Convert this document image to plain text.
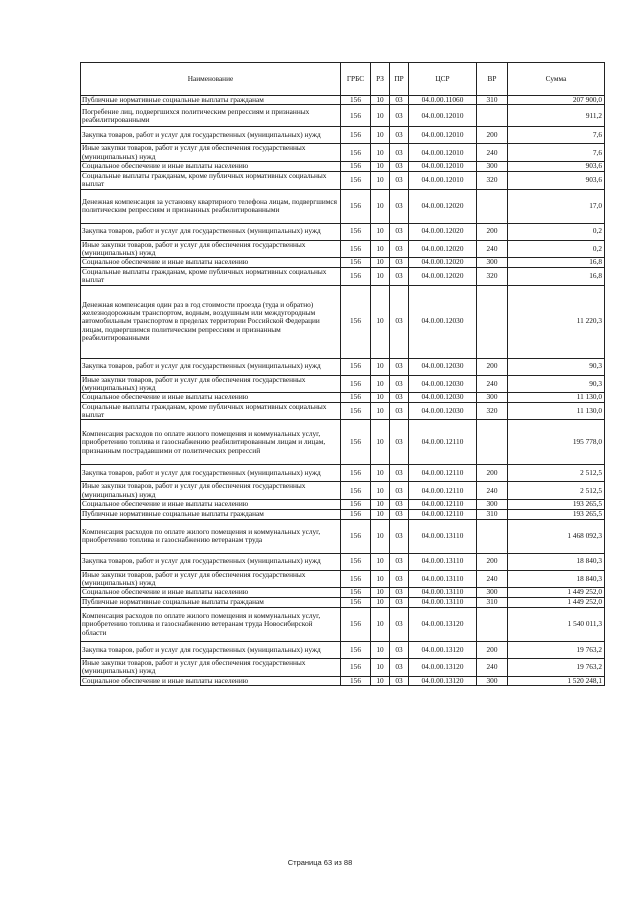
Наименование	ГРБС	РЗ	ПР	ЦСР	ВР	Сумма
Публичные нормативные социальные выплаты гражданам	156	10	03	04.0.00.11060	310	207 900,0
Погребение лиц, подвергшихся политическим репрессиям и признанных реабилитированными	156	10	03	04.0.00.12010		911,2
Закупка товаров, работ и услуг для государственных (муниципальных) нужд	156	10	03	04.0.00.12010	200	7,6
Иные закупки товаров, работ и услуг для обеспечения государственных (муниципальных) нужд	156	10	03	04.0.00.12010	240	7,6
Социальное обеспечение и иные выплаты населению	156	10	03	04.0.00.12010	300	903,6
Социальные выплаты гражданам, кроме публичных нормативных социальных выплат	156	10	03	04.0.00.12010	320	903,6
Денежная компенсация за установку квартирного телефона лицам, подвергшимся политическим репрессиям и признанных реабилитированными	156	10	03	04.0.00.12020		17,0
Закупка товаров, работ и услуг для государственных (муниципальных) нужд	156	10	03	04.0.00.12020	200	0,2
Иные закупки товаров, работ и услуг для обеспечения государственных (муниципальных) нужд	156	10	03	04.0.00.12020	240	0,2
Социальное обеспечение и иные выплаты населению	156	10	03	04.0.00.12020	300	16,8
Социальные выплаты гражданам, кроме публичных нормативных социальных выплат	156	10	03	04.0.00.12020	320	16,8
Денежная компенсация один раз в год стоимости проезда (туда и обратно) железнодорожным транспортом, водным, воздушным или междугородным автомобильным транспортом в пределах территории Российской Федерации лицам, подвергшимся политическим репрессиям и признанным реабилитированными	156	10	03	04.0.00.12030		11 220,3
Закупка товаров, работ и услуг для государственных (муниципальных) нужд	156	10	03	04.0.00.12030	200	90,3
Иные закупки товаров, работ и услуг для обеспечения государственных (муниципальных) нужд	156	10	03	04.0.00.12030	240	90,3
Социальное обеспечение и иные выплаты населению	156	10	03	04.0.00.12030	300	11 130,0
Социальные выплаты гражданам, кроме публичных нормативных социальных выплат	156	10	03	04.0.00.12030	320	11 130,0
Компенсация расходов по оплате жилого помещения и коммунальных услуг, приобретению топлива и газоснабжению реабилитированным лицам и лицам, признанным пострадавшими от политических репрессий	156	10	03	04.0.00.12110		195 778,0
Закупка товаров, работ и услуг для государственных (муниципальных) нужд	156	10	03	04.0.00.12110	200	2 512,5
Иные закупки товаров, работ и услуг для обеспечения государственных (муниципальных) нужд	156	10	03	04.0.00.12110	240	2 512,5
Социальное обеспечение и иные выплаты населению	156	10	03	04.0.00.12110	300	193 265,5
Публичные нормативные социальные выплаты гражданам	156	10	03	04.0.00.12110	310	193 265,5
Компенсация расходов по оплате жилого помещения и коммунальных услуг, приобретению топлива и газоснабжению ветеранам труда	156	10	03	04.0.00.13110		1 468 092,3
Закупка товаров, работ и услуг для государственных (муниципальных) нужд	156	10	03	04.0.00.13110	200	18 840,3
Иные закупки товаров, работ и услуг для обеспечения государственных (муниципальных) нужд	156	10	03	04.0.00.13110	240	18 840,3
Социальное обеспечение и иные выплаты населению	156	10	03	04.0.00.13110	300	1 449 252,0
Публичные нормативные социальные выплаты гражданам	156	10	03	04.0.00.13110	310	1 449 252,0
Компенсация расходов по оплате жилого помещения и коммунальных услуг, приобретению топлива и газоснабжению ветеранам труда Новосибирской области	156	10	03	04.0.00.13120		1 540 011,3
Закупка товаров, работ и услуг для государственных (муниципальных) нужд	156	10	03	04.0.00.13120	200	19 763,2
Иные закупки товаров, работ и услуг для обеспечения государственных (муниципальных) нужд	156	10	03	04.0.00.13120	240	19 763,2
Социальное обеспечение и иные выплаты населению	156	10	03	04.0.00.13120	300	1 520 248,1
Страница 63 из 88
